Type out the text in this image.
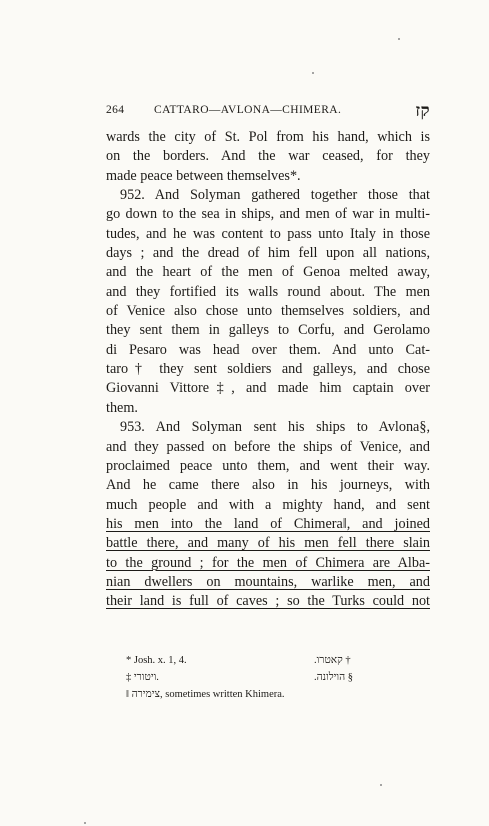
264	CATTARO—AVLONA—CHIMERA.	קז
wards the city of St. Pol from his hand, which is
on the borders. And the war ceased, for they
made peace between themselves*.
952. And Solyman gathered together those that
go down to the sea in ships, and men of war in multi-
tudes, and he was content to pass unto Italy in those
days ; and the dread of him fell upon all nations,
and the heart of the men of Genoa melted away,
and they fortified its walls round about. The men
of Venice also chose unto themselves soldiers, and
they sent them in galleys to Corfu, and Gerolamo
di Pesaro was head over them. And unto Cat-
taro† they sent soldiers and galleys, and chose
Giovanni Vittore‡, and made him captain over
them.
953. And Solyman sent his ships to Avlona§,
and they passed on before the ships of Venice, and
proclaimed peace unto them, and went their way.
And he came there also in his journeys, with
much people and with a mighty hand, and sent
his men into the land of Chimera‖, and joined
battle there, and many of his men fell there slain
to the ground ; for the men of Chimera are Alba-
nian dwellers on mountains, warlike men, and
their land is full of caves ; so the Turks could not
* Josh. x. 1, 4.	† קאטרו.
‡ ויטורי.	§ הוילונה.
‖ צימירה, sometimes written Khimera.
